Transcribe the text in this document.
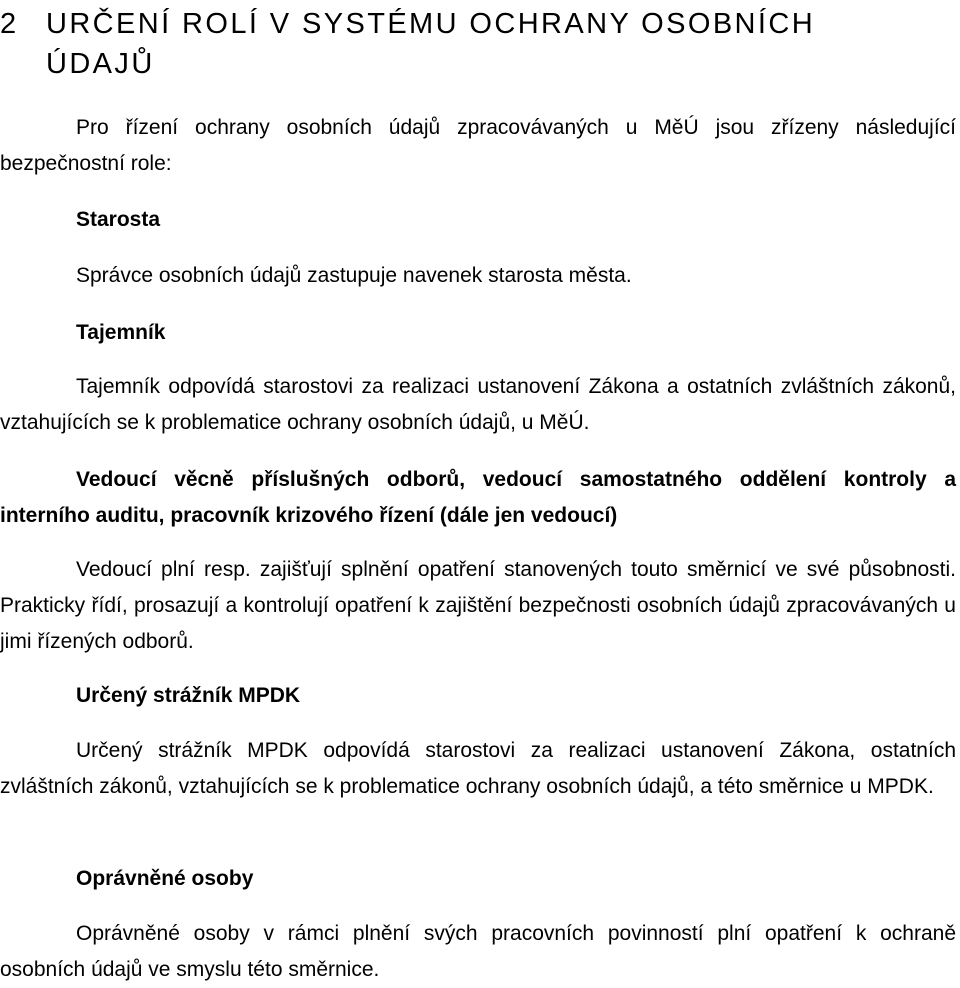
2 URČENÍ ROLÍ V SYSTÉMU OCHRANY OSOBNÍCH
ÚDAJŮ

Pro řízení ochrany osobních údajů zpracovávaných u MěÚ jsou zřízeny následující bezpečnostní role:

Starosta

Správce osobních údajů zastupuje navenek starosta města.

Tajemník

Tajemník odpovídá starostovi za realizaci ustanovení Zákona a ostatních zvláštních zákonů, vztahujících se k problematice ochrany osobních údajů, u MěÚ.

Vedoucí věcně příslušných odborů, vedoucí samostatného oddělení kontroly a interního auditu, pracovník krizového řízení (dále jen vedoucí)

Vedoucí plní resp. zajišťují splnění opatření stanovených touto směrnicí ve své působnosti. Prakticky řídí, prosazují a kontrolují opatření k zajištění bezpečnosti osobních údajů zpracovávaných u jimi řízených odborů.

Určený strážník MPDK

Určený strážník MPDK odpovídá starostovi za realizaci ustanovení Zákona, ostatních zvláštních zákonů, vztahujících se k problematice ochrany osobních údajů, a této směrnice u MPDK.

Oprávněné osoby

Oprávněné osoby v rámci plnění svých pracovních povinností plní opatření k ochraně osobních údajů ve smyslu této směrnice.
